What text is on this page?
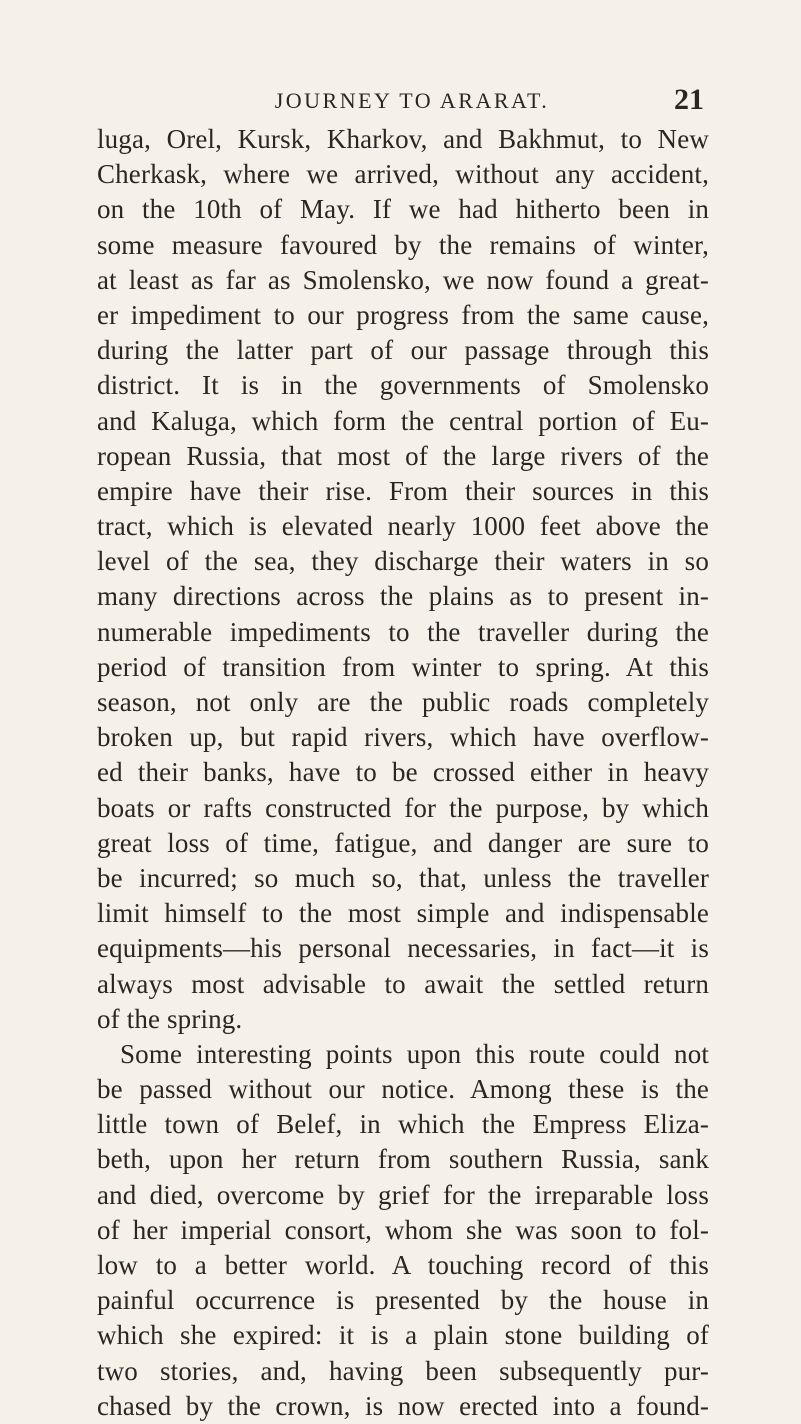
JOURNEY TO ARARAT.	21
luga, Orel, Kursk, Kharkov, and Bakhmut, to New
Cherkask, where we arrived, without any accident,
on the 10th of May. If we had hitherto been in
some measure favoured by the remains of winter,
at least as far as Smolensko, we now found a great-
er impediment to our progress from the same cause,
during the latter part of our passage through this
district. It is in the governments of Smolensko
and Kaluga, which form the central portion of Eu-
ropean Russia, that most of the large rivers of the
empire have their rise. From their sources in this
tract, which is elevated nearly 1000 feet above the
level of the sea, they discharge their waters in so
many directions across the plains as to present in-
numerable impediments to the traveller during the
period of transition from winter to spring. At this
season, not only are the public roads completely
broken up, but rapid rivers, which have overflow-
ed their banks, have to be crossed either in heavy
boats or rafts constructed for the purpose, by which
great loss of time, fatigue, and danger are sure to
be incurred; so much so, that, unless the traveller
limit himself to the most simple and indispensable
equipments—his personal necessaries, in fact—it is
always most advisable to await the settled return
of the spring.
Some interesting points upon this route could not
be passed without our notice. Among these is the
little town of Belef, in which the Empress Eliza-
beth, upon her return from southern Russia, sank
and died, overcome by grief for the irreparable loss
of her imperial consort, whom she was soon to fol-
low to a better world. A touching record of this
painful occurrence is presented by the house in
which she expired: it is a plain stone building of
two stories, and, having been subsequently pur-
chased by the crown, is now erected into a found-
